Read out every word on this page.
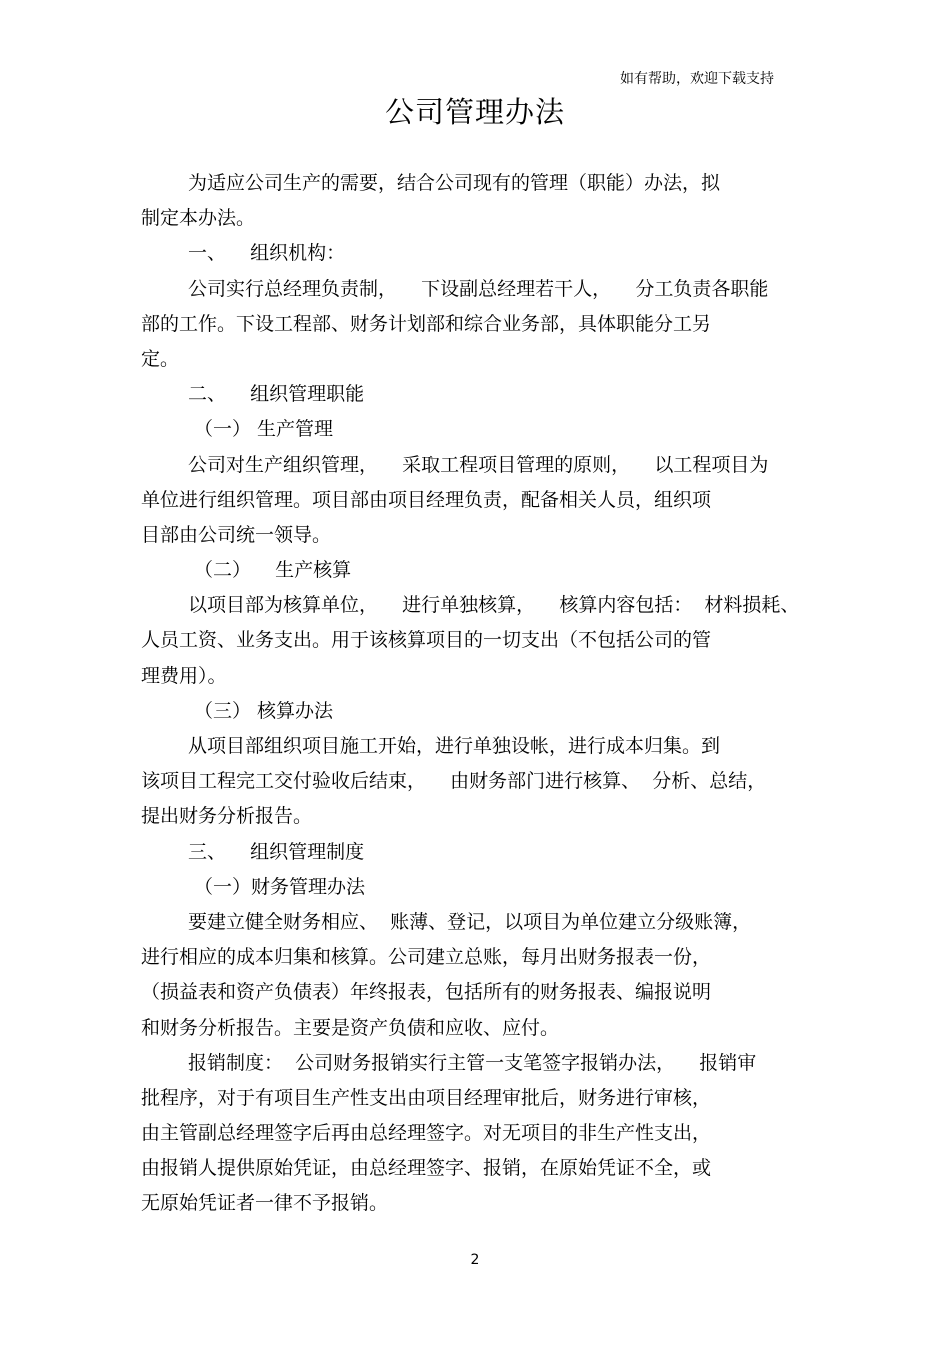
如有帮助，欢迎下载支持
公司管理办法
为适应公司生产的需要，结合公司现有的管理（职能）办法，拟
制定本办法。
一、    组织机构：
公司实行总经理负责制，    下设副总经理若干人，    分工负责各职能
部的工作。下设工程部、财务计划部和综合业务部，具体职能分工另
定。
二、    组织管理职能
（一） 生产管理
公司对生产组织管理，    采取工程项目管理的原则，    以工程项目为
单位进行组织管理。项目部由项目经理负责，配备相关人员，组织项
目部由公司统一领导。
（二）    生产核算
以项目部为核算单位，    进行单独核算，    核算内容包括：  材料损耗、
人员工资、业务支出。用于该核算项目的一切支出（不包括公司的管
理费用）。
（三） 核算办法
从项目部组织项目施工开始，进行单独设帐，进行成本归集。到
该项目工程完工交付验收后结束，    由财务部门进行核算、  分析、总结，
提出财务分析报告。
三、    组织管理制度
（一）财务管理办法
要建立健全财务相应、  账薄、登记，以项目为单位建立分级账簿，
进行相应的成本归集和核算。公司建立总账，每月出财务报表一份，
（损益表和资产负债表）年终报表，包括所有的财务报表、编报说明
和财务分析报告。主要是资产负债和应收、应付。
报销制度：  公司财务报销实行主管一支笔签字报销办法，    报销审
批程序，对于有项目生产性支出由项目经理审批后，财务进行审核，
由主管副总经理签字后再由总经理签字。对无项目的非生产性支出，
由报销人提供原始凭证，由总经理签字、报销，在原始凭证不全，或
无原始凭证者一律不予报销。
2
